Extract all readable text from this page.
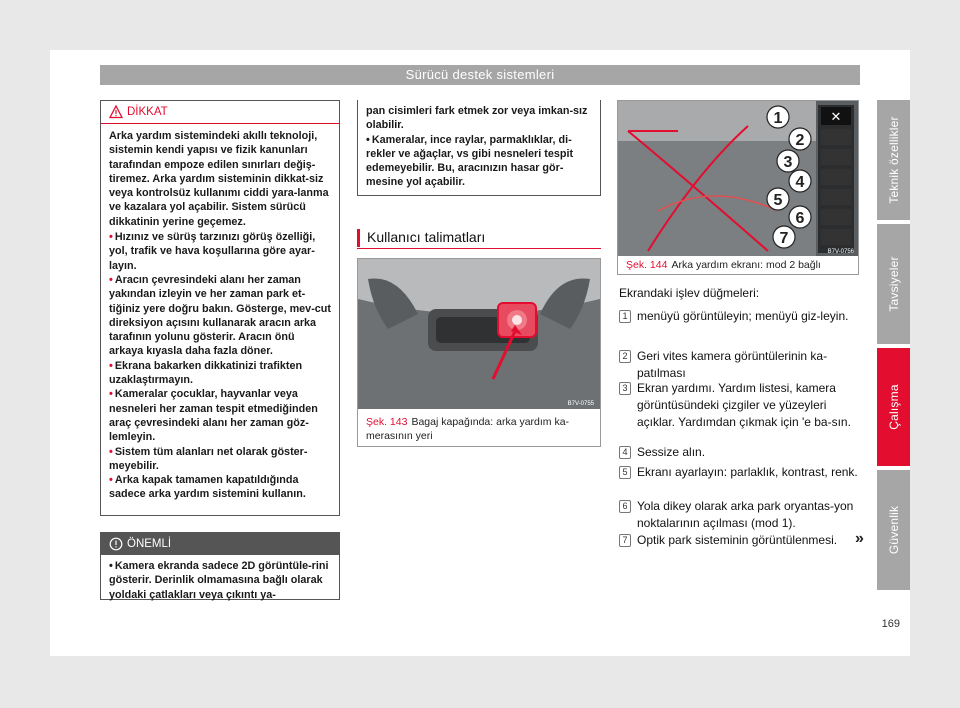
Sürücü destek sistemleri
Teknik özellikler
Tavsiyeler
Çalışma
Güvenlik
169
DİKKAT

Arka yardım sistemindeki akıllı teknoloji, sistemin kendi yapısı ve fizik kanunları tarafından empoze edilen sınırları değiş-tiremez. Arka yardım sisteminin dikkat-siz veya kontrolsüz kullanımı ciddi yara-lanma ve kazalara yol açabilir. Sistem sürücü dikkatinin yerine geçemez.

• Hızınız ve sürüş tarzınızı görüş özelliği, yol, trafik ve hava koşullarına göre ayar-layın.

• Aracın çevresindeki alanı her zaman yakından izleyin ve her zaman park et-tiğiniz yere doğru bakın. Gösterge, mev-cut direksiyon açısını kullanarak aracın arka tarafının yolunu gösterir. Aracın önü arkaya kıyasla daha fazla döner.

• Ekrana bakarken dikkatinizi trafikten uzaklaştırmayın.

• Kameralar çocuklar, hayvanlar veya nesneleri her zaman tespit etmediğinden araç çevresindeki alanı her zaman göz-lemleyin.

• Sistem tüm alanları net olarak göster-meyebilir.

• Arka kapak tamamen kapatıldığında sadece arka yardım sistemini kullanın.

ÖNEMLİ

• Kamera ekranda sadece 2D görüntüle-rini gösterir. Derinlik olmamasına bağlı olarak yoldaki çatlakları veya çıkıntı ya-

pan cisimleri fark etmek zor veya imkan-sız olabilir.

• Kameralar, ince raylar, parmaklıklar, di-rekler ve ağaçlar, vs gibi nesneleri tespit edemeyebilir. Bu, aracınızın hasar gör-mesine yol açabilir.

Kullanıcı talimatları
B7V-0755
Şek. 143 Bagaj kapağında: arka yardım ka-merasının yeri
✕
1
2
3
4
5
6
7
B7V-0756
Şek. 144 Arka yardım ekranı: mod 2 bağlı
Ekrandaki işlev düğmeleri:
1 menüyü görüntüleyin; menüyü giz-leyin.
2 Geri vites kamera görüntülerinin ka-patılması
3 Ekran yardımı. Yardım listesi, kamera görüntüsündeki çizgiler ve yüzeyleri açıklar. Yardımdan çıkmak için 'e ba-sın.
4 Sessize alın.
5 Ekranı ayarlayın: parlaklık, kontrast, renk.
6 Yola dikey olarak arka park oryantas-yon noktalarının açılması (mod 1).
7 Optik park sisteminin görüntülenmesi.	»
